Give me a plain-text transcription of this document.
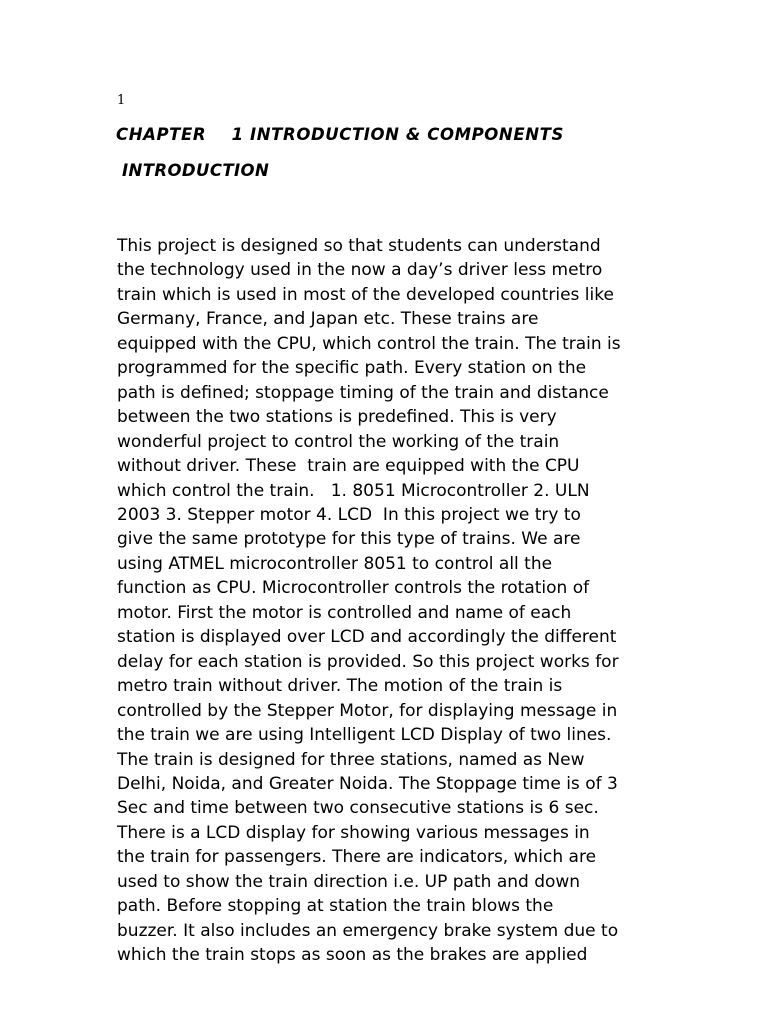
1
CHAPTER    1 INTRODUCTION & COMPONENTS
INTRODUCTION
This project is designed so that students can understand
the technology used in the now a day’s driver less metro
train which is used in most of the developed countries like
Germany, France, and Japan etc. These trains are
equipped with the CPU, which control the train. The train is
programmed for the specific path. Every station on the
path is defined; stoppage timing of the train and distance
between the two stations is predefined. This is very
wonderful project to control the working of the train
without driver. These  train are equipped with the CPU
which control the train.   1. 8051 Microcontroller 2. ULN
2003 3. Stepper motor 4. LCD  In this project we try to
give the same prototype for this type of trains. We are
using ATMEL microcontroller 8051 to control all the
function as CPU. Microcontroller controls the rotation of
motor. First the motor is controlled and name of each
station is displayed over LCD and accordingly the different
delay for each station is provided. So this project works for
metro train without driver. The motion of the train is
controlled by the Stepper Motor, for displaying message in
the train we are using Intelligent LCD Display of two lines.
The train is designed for three stations, named as New
Delhi, Noida, and Greater Noida. The Stoppage time is of 3
Sec and time between two consecutive stations is 6 sec.
There is a LCD display for showing various messages in
the train for passengers. There are indicators, which are
used to show the train direction i.e. UP path and down
path. Before stopping at station the train blows the
buzzer. It also includes an emergency brake system due to
which the train stops as soon as the brakes are applied
